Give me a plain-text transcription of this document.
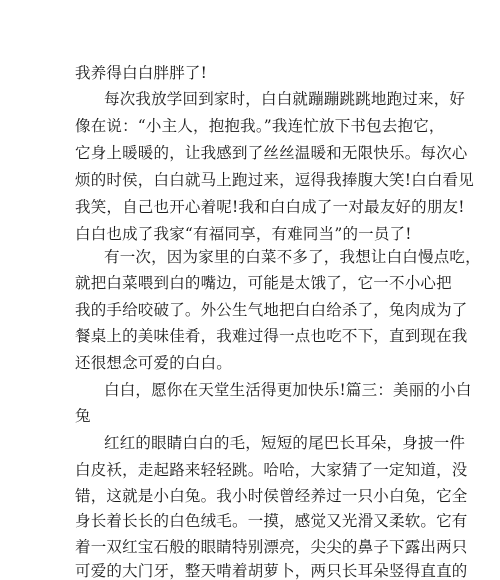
我养得白白胖胖了!
每次我放学回到家时，白白就蹦蹦跳跳地跑过来，好
像在说：“小主人，抱抱我。”我连忙放下书包去抱它，
它身上暖暖的，让我感到了丝丝温暖和无限快乐。每次心
烦的时侯，白白就马上跑过来，逗得我捧腹大笑!白白看见
我笑，自己也开心着呢!我和白白成了一对最友好的朋友!
白白也成了我家“有福同享，有难同当”的一员了!
有一次，因为家里的白菜不多了，我想让白白慢点吃，
就把白菜喂到白的嘴边，可能是太饿了，它一不小心把
我的手给咬破了。外公生气地把白白给杀了，兔肉成为了
餐桌上的美味佳肴，我难过得一点也吃不下，直到现在我
还很想念可爱的白白。
白白，愿你在天堂生活得更加快乐!篇三：美丽的小白
兔
红红的眼睛白白的毛，短短的尾巴长耳朵，身披一件
白皮袄，走起路来轻轻跳。哈哈，大家猜了一定知道，没
错，这就是小白兔。我小时侯曾经养过一只小白兔，它全
身长着长长的白色绒毛。一摸，感觉又光滑又柔软。它有
着一双红宝石般的眼睛特别漂亮，尖尖的鼻子下露出两只
可爱的大门牙，整天啃着胡萝卜，两只长耳朵竖得直直的
